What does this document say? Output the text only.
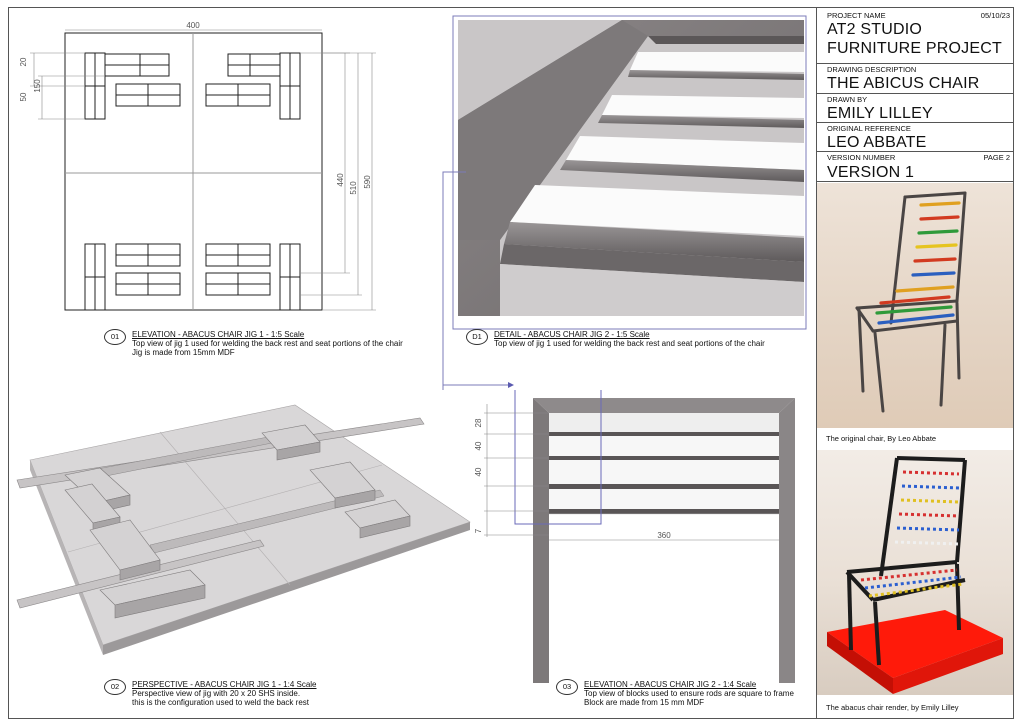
400
20
50
150
440
510 590
01	ELEVATION - ABACUS CHAIR JIG 1 - 1:5 Scale
Top view of jig 1 used for welding the back rest and seat portions of the chair
Jig is made from 15mm MDF
D1	DETAIL - ABACUS CHAIR JIG 2 - 1:5 Scale
Top view of jig 1 used for welding the back rest and seat portions of the chair
02	PERSPECTIVE - ABACUS CHAIR JIG 1 - 1:4 Scale
Perspective view of jig with 20 x 20 SHS inside.
this is the configuration used to weld the back rest
28
40
40
7	360
03	ELEVATION - ABACUS CHAIR JIG 2 - 1:4 Scale
Top view of blocks used to ensure rods are square to frame
Block are made from 15 mm MDF
PROJECT NAME	05/10/23
AT2 STUDIO
FURNITURE PROJECT
DRAWING DESCRIPTION
THE ABICUS CHAIR
DRAWN BY
EMILY LILLEY
ORIGINAL REFERENCE
LEO ABBATE
VERSION NUMBER	PAGE 2
VERSION 1
The original chair, By Leo Abbate
The abacus chair render, by Emily Lilley
